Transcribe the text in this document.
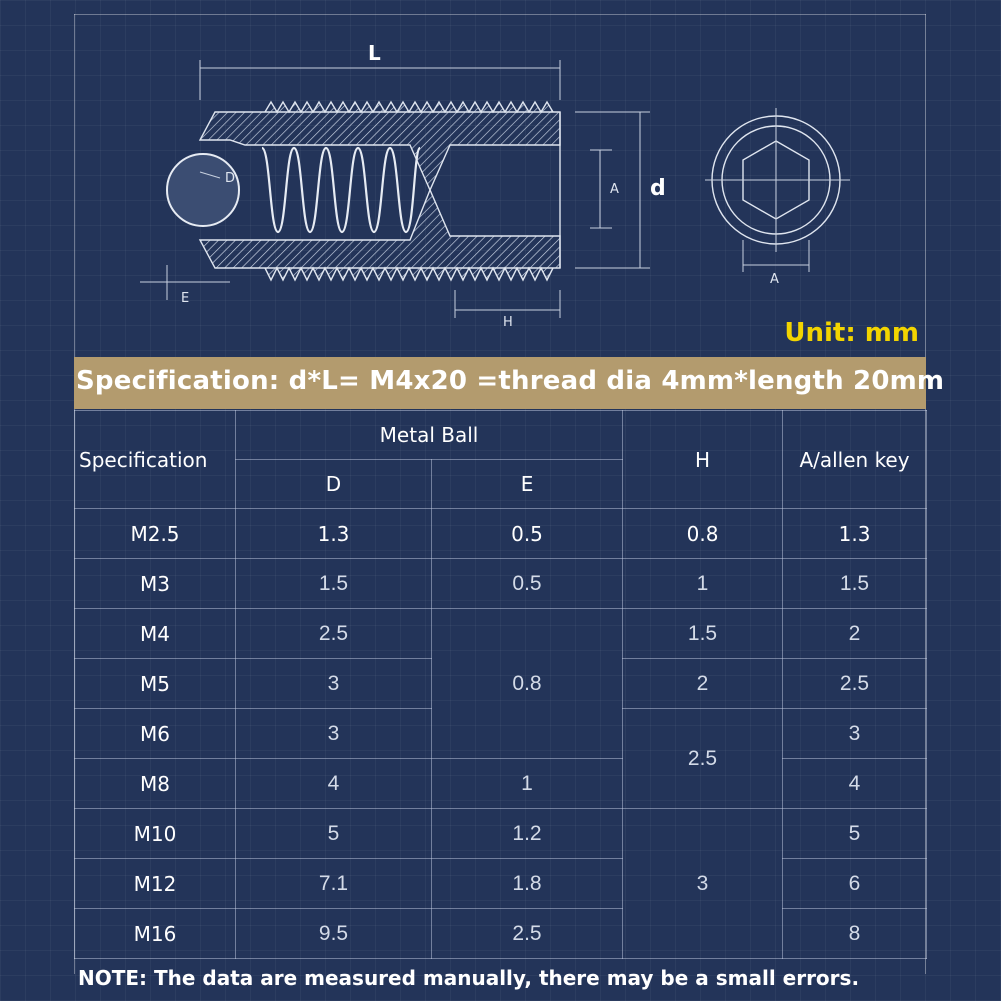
L
D
E
H
A d
A
Unit: mm
Specification: d*L= M4x20 =thread dia 4mm*length 20mm
Specification	Metal Ball		H	A/allen key
	D	E		
M2.5	1.3	0.5	0.8	1.3
M3	1.5	0.5	1	1.5
M4	2.5	0.8	1.5	2
M5	3		2	2.5
M6	3		2.5	3
M8	4	1		4
M10	5	1.2	3	5
M12	7.1	1.8		6
M16	9.5	2.5		8
NOTE: The data are measured manually, there may be a small errors.
